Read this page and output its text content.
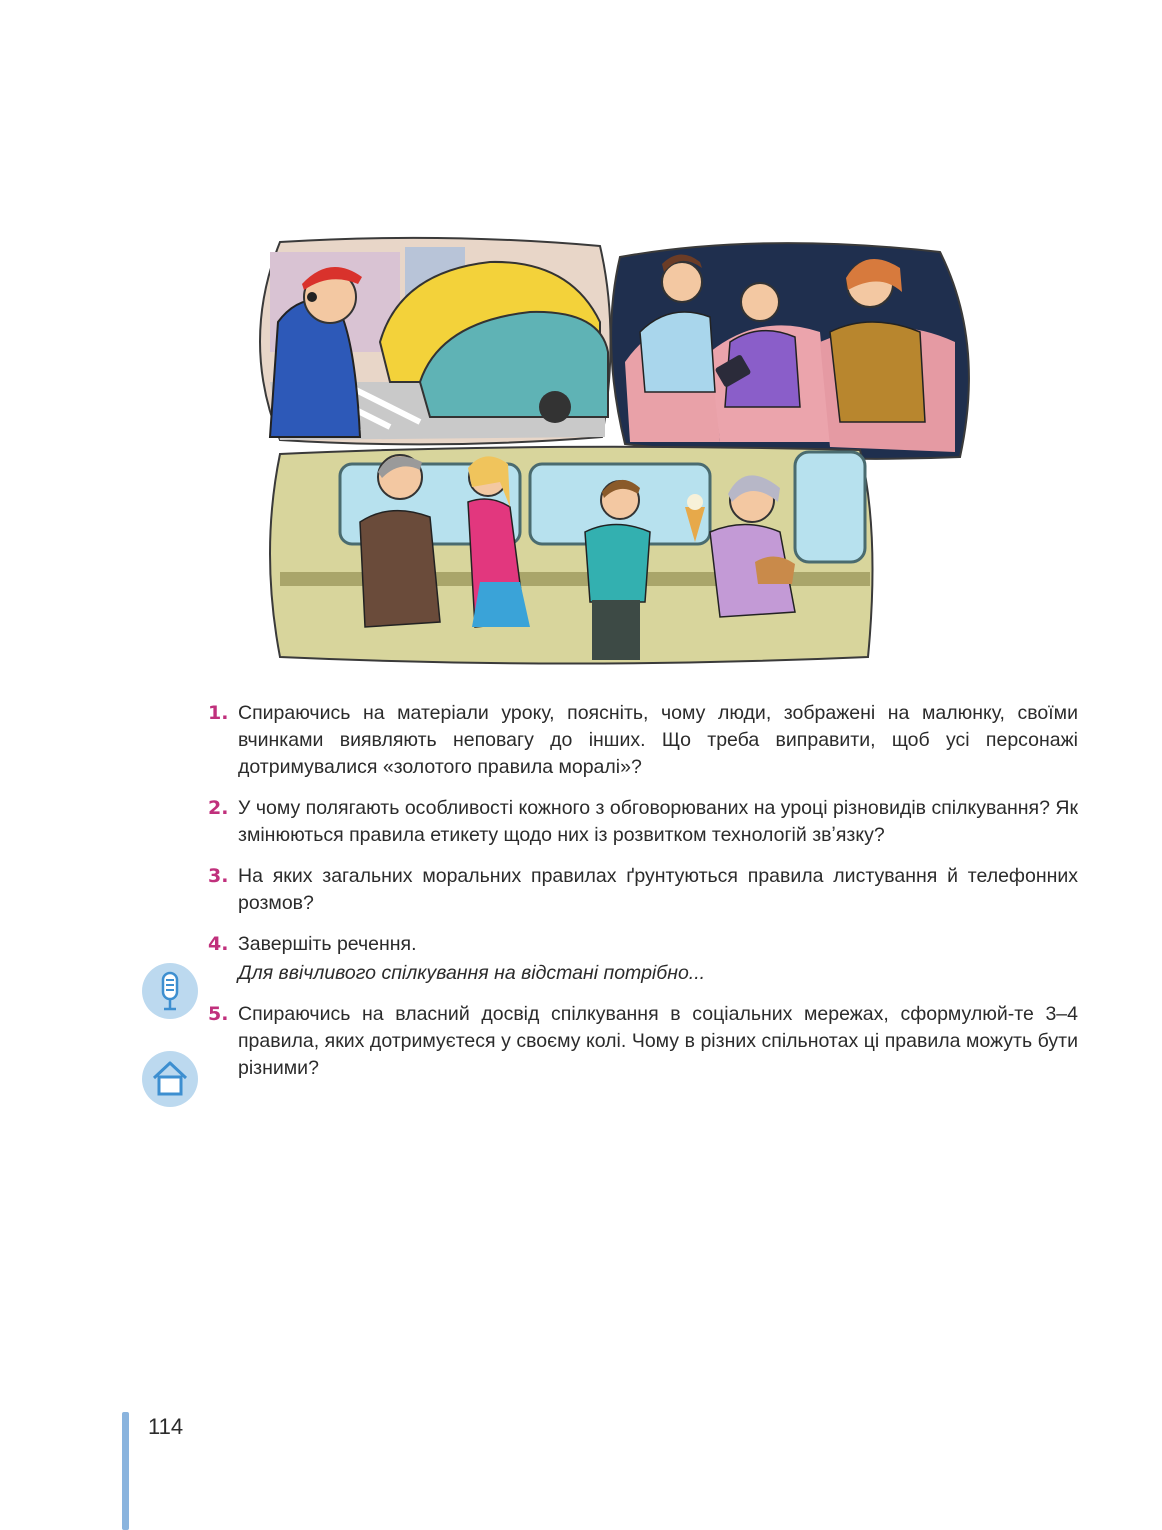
1. Спираючись на матеріали уроку, поясніть, чому люди, зображені на малюнку, своїми вчинками виявляють неповагу до інших. Що треба виправити, щоб усі персонажі дотримувалися «золотого правила моралі»?

2. У чому полягають особливості кожного з обговорюваних на уроці різновидів спілкування? Як змінюються правила етикету щодо них із розвитком технологій звʼязку?

3. На яких загальних моральних правилах ґрунтуються правила листування й телефонних розмов?

4. Завершіть речення.

Для ввічливого спілкування на відстані потрібно...

5. Спираючись на власний досвід спілкування в соціальних мережах, сформулюй-те 3–4 правила, яких дотримуєтеся у своєму колі. Чому в різних спільнотах ці правила можуть бути різними?

114
